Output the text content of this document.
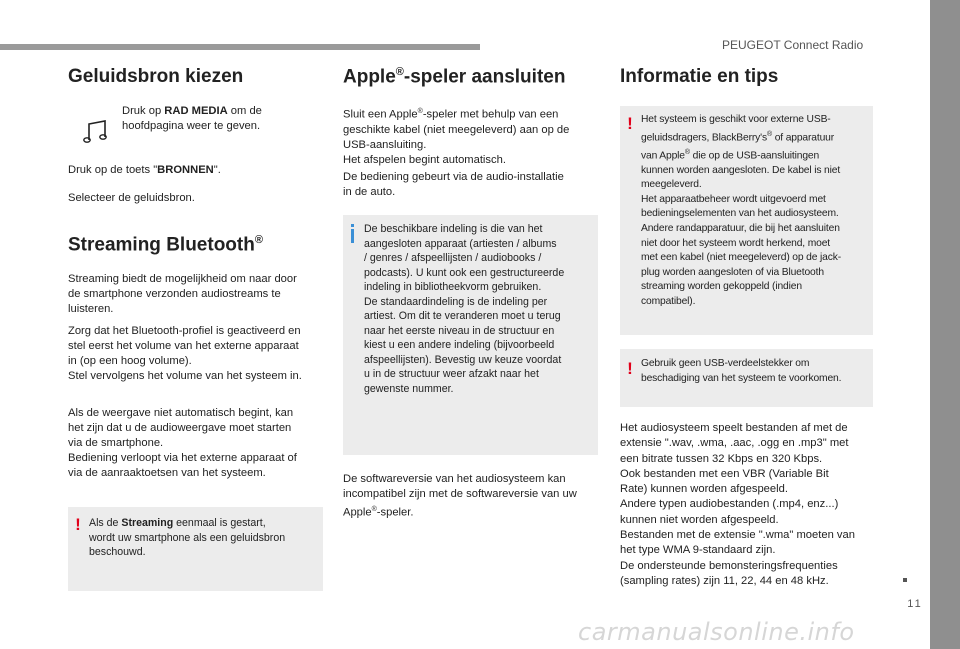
PEUGEOT Connect Radio
11
Geluidsbron kiezen

Druk op RAD MEDIA om de
hoofdpagina weer te geven.

Druk op de toets "BRONNEN".

Selecteer de geluidsbron.

Streaming Bluetooth®

Streaming biedt de mogelijkheid om naar door
de smartphone verzonden audiostreams te
luisteren.

Zorg dat het Bluetooth-profiel is geactiveerd en
stel eerst het volume van het externe apparaat
in (op een hoog volume).
Stel vervolgens het volume van het systeem in.

Als de weergave niet automatisch begint, kan
het zijn dat u de audioweergave moet starten
via de smartphone.
Bediening verloopt via het externe apparaat of
via de aanraaktoetsen van het systeem.

! Als de Streaming eenmaal is gestart,
wordt uw smartphone als een geluidsbron
beschouwd.
Apple®-speler aansluiten

Sluit een Apple®-speler met behulp van een
geschikte kabel (niet meegeleverd) aan op de
USB-aansluiting.
Het afspelen begint automatisch.

De bediening gebeurt via de audio-installatie
in de auto.

De beschikbare indeling is die van het
aangesloten apparaat (artiesten / albums
/ genres / afspeellijsten / audiobooks /
podcasts). U kunt ook een gestructureerde
indeling in bibliotheekvorm gebruiken.
De standaardindeling is de indeling per
artiest. Om dit te veranderen moet u terug
naar het eerste niveau in de structuur en
kiest u een andere indeling (bijvoorbeeld
afspeellijsten). Bevestig uw keuze voordat
u in de structuur weer afzakt naar het
gewenste nummer.

De softwareversie van het audiosysteem kan
incompatibel zijn met de softwareversie van uw
Apple®-speler.

Informatie en tips
! Het systeem is geschikt voor externe USB-
geluidsdragers, BlackBerry's® of apparatuur
van Apple® die op de USB-aansluitingen
kunnen worden aangesloten. De kabel is niet
meegeleverd.
Het apparaatbeheer wordt uitgevoerd met
bedieningselementen van het audiosysteem.
Andere randapparatuur, die bij het aansluiten
niet door het systeem wordt herkend, moet
met een kabel (niet meegeleverd) op de jack-
plug worden aangesloten of via Bluetooth
streaming worden gekoppeld (indien
compatibel).
! Gebruik geen USB-verdeelstekker om
beschadiging van het systeem te voorkomen.

Het audiosysteem speelt bestanden af met de
extensie ".wav, .wma, .aac, .ogg en .mp3" met
een bitrate tussen 32 Kbps en 320 Kbps.
Ook bestanden met een VBR (Variable Bit
Rate) kunnen worden afgespeeld.
Andere typen audiobestanden (.mp4, enz...)
kunnen niet worden afgespeeld.
Bestanden met de extensie ".wma" moeten van
het type WMA 9-standaard zijn.
De ondersteunde bemonsteringsfrequenties
(sampling rates) zijn 11, 22, 44 en 48 kHz.

carmanualsonline.info
